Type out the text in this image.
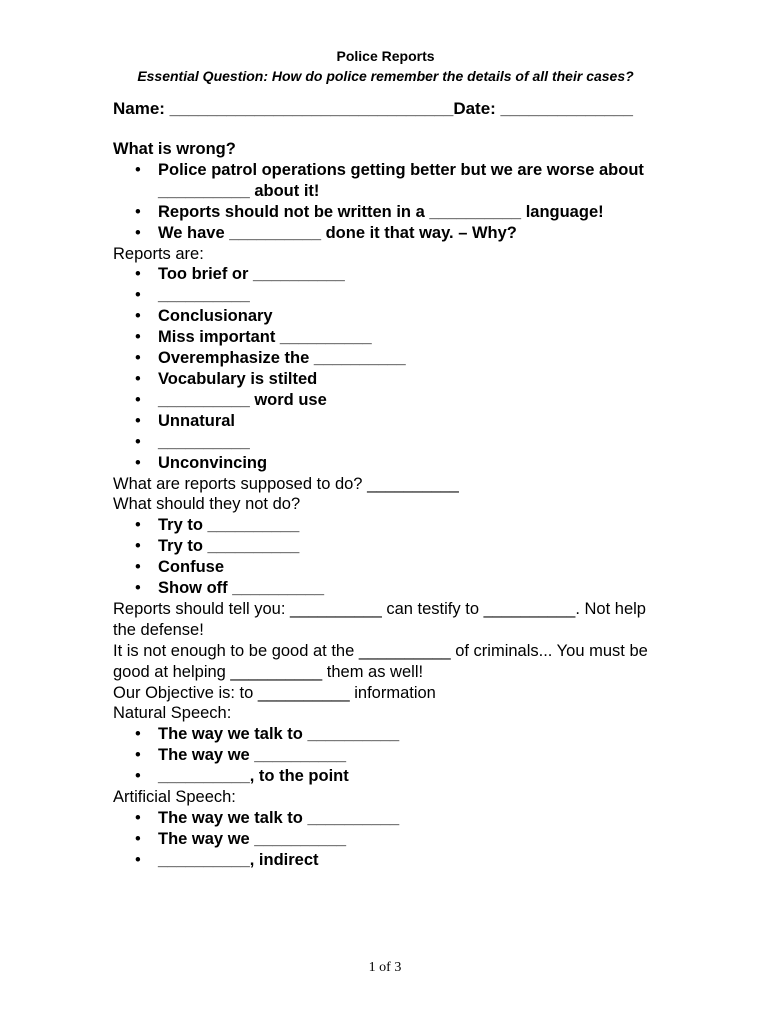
Police Reports
Essential Question: How do police remember the details of all their cases?
Name: ______________________________Date: ______________
What is wrong?
• Police patrol operations getting better but we are worse about __________ about it!
• Reports should not be written in a __________ language!
• We have __________ done it that way. – Why?
Reports are:
• Too brief or __________
• __________
• Conclusionary
• Miss important __________
• Overemphasize the __________
• Vocabulary is stilted
• __________ word use
• Unnatural
• __________
• Unconvincing
What are reports supposed to do? __________
What should they not do?
• Try to __________
• Try to __________
• Confuse
• Show off __________
Reports should tell you: __________ can testify to __________. Not help the defense!
It is not enough to be good at the __________ of criminals... You must be good at helping __________ them as well!
Our Objective is: to __________ information
Natural Speech:
• The way we talk to __________
• The way we __________
• __________, to the point
Artificial Speech:
• The way we talk to __________
• The way we __________
• __________, indirect
1 of 3
